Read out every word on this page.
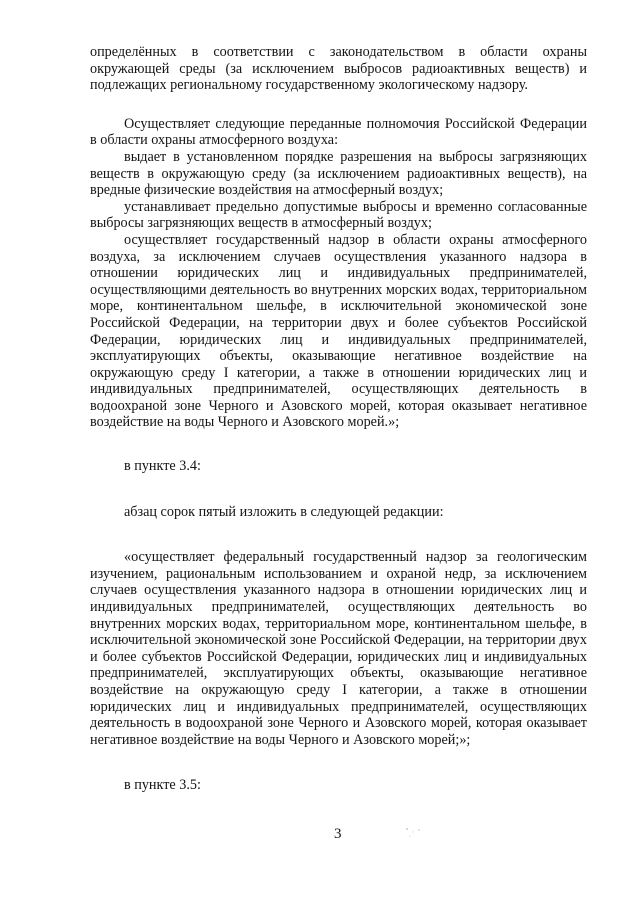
определённых в соответствии с законодательством в области охраны окружающей среды (за исключением выбросов радиоактивных веществ) и подлежащих региональному государственному экологическому надзору.

Осуществляет следующие переданные полномочия Российской Федерации в области охраны атмосферного воздуха:

выдает в установленном порядке разрешения на выбросы загрязняющих веществ в окружающую среду (за исключением радиоактивных веществ), на вредные физические воздействия на атмосферный воздух;

устанавливает предельно допустимые выбросы и временно согласованные выбросы загрязняющих веществ в атмосферный воздух;

осуществляет государственный надзор в области охраны атмосферного воздуха, за исключением случаев осуществления указанного надзора в отношении юридических лиц и индивидуальных предпринимателей, осуществляющими деятельность во внутренних морских водах, территориальном море, континентальном шельфе, в исключительной экономической зоне Российской Федерации, на территории двух и более субъектов Российской Федерации, юридических лиц и индивидуальных предпринимателей, эксплуатирующих объекты, оказывающие негативное воздействие на окружающую среду I категории, а также в отношении юридических лиц и индивидуальных предпринимателей, осуществляющих деятельность в водоохраной зоне Черного и Азовского морей, которая оказывает негативное воздействие на воды Черного и Азовского морей.»;

в пункте 3.4:

абзац сорок пятый изложить в следующей редакции:

«осуществляет федеральный государственный надзор за геологическим изучением, рациональным использованием и охраной недр, за исключением случаев осуществления указанного надзора в отношении юридических лиц и индивидуальных предпринимателей, осуществляющих деятельность во внутренних морских водах, территориальном море, континентальном шельфе, в исключительной экономической зоне Российской Федерации, на территории двух и более субъектов Российской Федерации, юридических лиц и индивидуальных предпринимателей, эксплуатирующих объекты, оказывающие негативное воздействие на окружающую среду I категории, а также в отношении юридических лиц и индивидуальных предпринимателей, осуществляющих деятельность в водоохраной зоне Черного и Азовского морей, которая оказывает негативное воздействие на воды Черного и Азовского морей;»;

в пункте 3.5:

3
